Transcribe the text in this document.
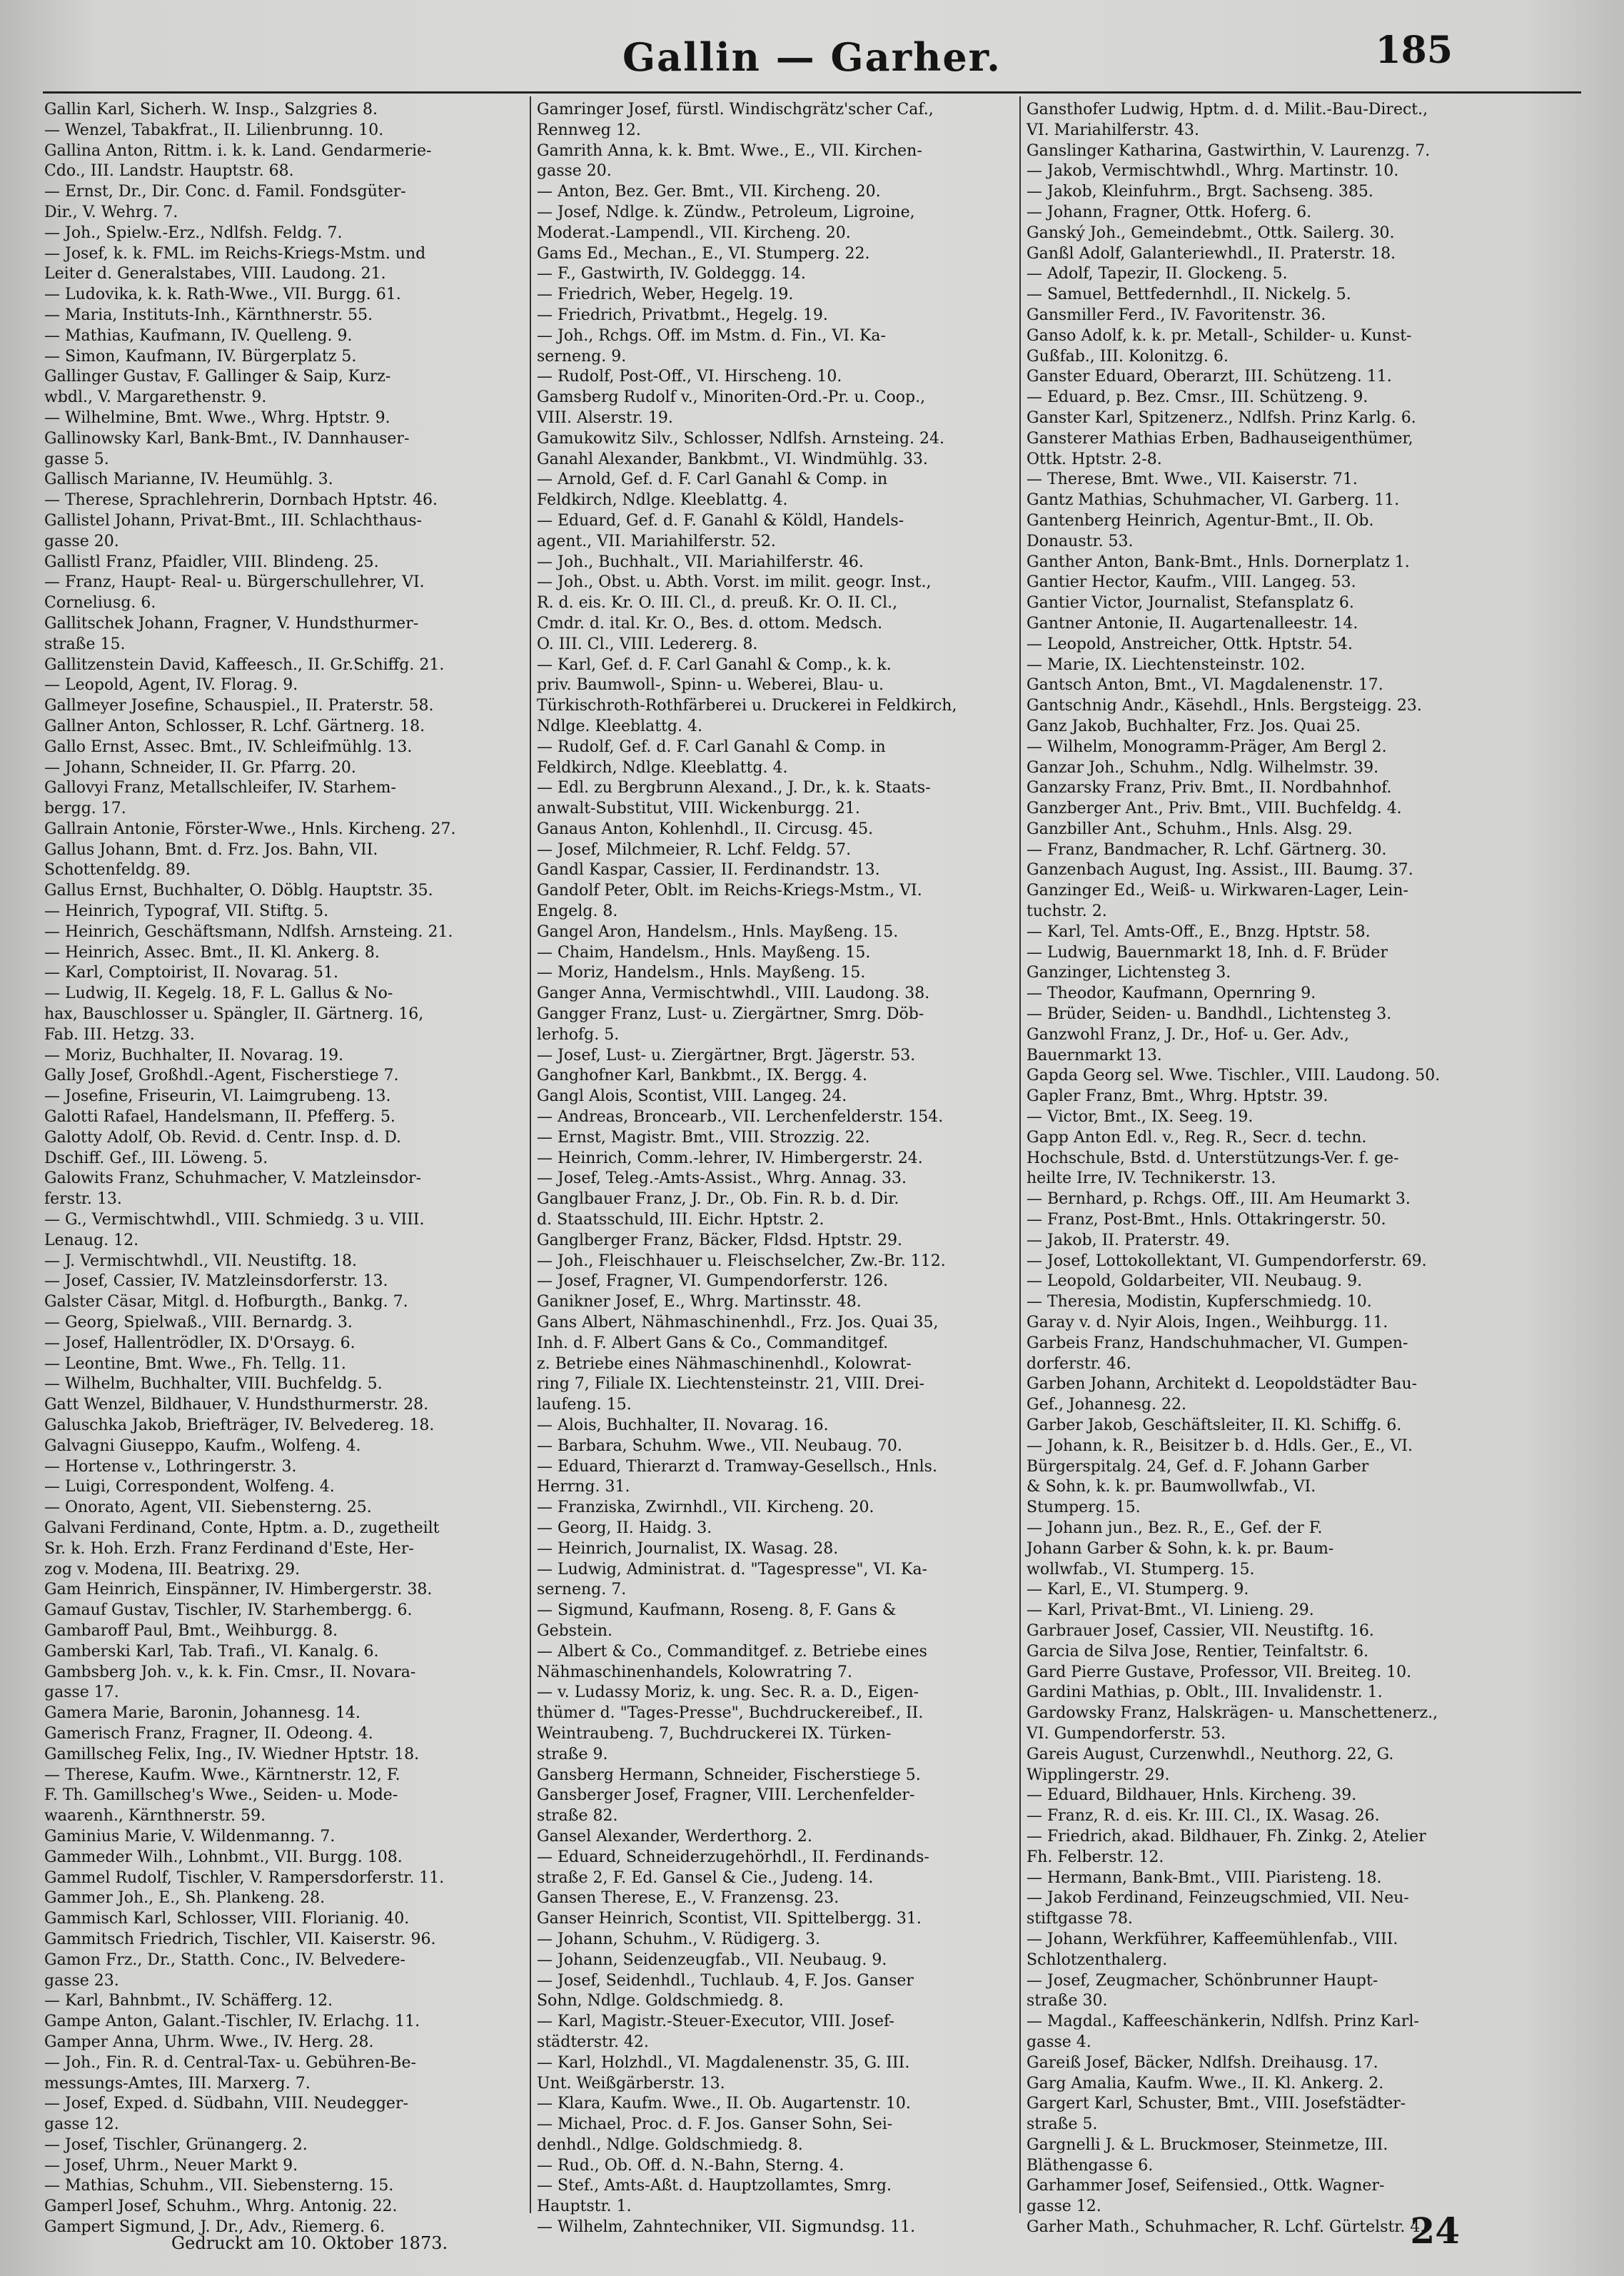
Gallin — Garher.	185
Gallin Karl, Sicherh. W. Insp., Salzgries 8.
— Wenzel, Tabakfrat., II. Lilienbrunng. 10.
Gallina Anton, Rittm. i. k. k. Land. Gendarmerie-
Cdo., III. Landstr. Hauptstr. 68.
— Ernst, Dr., Dir. Conc. d. Famil. Fondsgüter-
Dir., V. Wehrg. 7.
— Joh., Spielw.-Erz., Ndlfsh. Feldg. 7.
— Josef, k. k. FML. im Reichs-Kriegs-Mstm. und
Leiter d. Generalstabes, VIII. Laudong. 21.
— Ludovika, k. k. Rath-Wwe., VII. Burgg. 61.
— Maria, Instituts-Inh., Kärnthnerstr. 55.
— Mathias, Kaufmann, IV. Quelleng. 9.
— Simon, Kaufmann, IV. Bürgerplatz 5.
Gallinger Gustav, F. Gallinger & Saip, Kurz-
wbdl., V. Margarethenstr. 9.
— Wilhelmine, Bmt. Wwe., Whrg. Hptstr. 9.
Gallinowsky Karl, Bank-Bmt., IV. Dannhauser-
gasse 5.
Gallisch Marianne, IV. Heumühlg. 3.
— Therese, Sprachlehrerin, Dornbach Hptstr. 46.
Gallistel Johann, Privat-Bmt., III. Schlachthaus-
gasse 20.
Gallistl Franz, Pfaidler, VIII. Blindeng. 25.
— Franz, Haupt- Real- u. Bürgerschullehrer, VI.
Corneliusg. 6.
Gallitschek Johann, Fragner, V. Hundsthurmer-
straße 15.
Gallitzenstein David, Kaffeesch., II. Gr.Schiffg. 21.
— Leopold, Agent, IV. Florag. 9.
Gallmeyer Josefine, Schauspiel., II. Praterstr. 58.
Gallner Anton, Schlosser, R. Lchf. Gärtnerg. 18.
Gallo Ernst, Assec. Bmt., IV. Schleifmühlg. 13.
— Johann, Schneider, II. Gr. Pfarrg. 20.
Gallovyi Franz, Metallschleifer, IV. Starhem-
bergg. 17.
Gallrain Antonie, Förster-Wwe., Hnls. Kircheng. 27.
Gallus Johann, Bmt. d. Frz. Jos. Bahn, VII.
Schottenfeldg. 89.
Gallus Ernst, Buchhalter, O. Döblg. Hauptstr. 35.
— Heinrich, Typograf, VII. Stiftg. 5.
— Heinrich, Geschäftsmann, Ndlfsh. Arnsteing. 21.
— Heinrich, Assec. Bmt., II. Kl. Ankerg. 8.
— Karl, Comptoirist, II. Novarag. 51.
— Ludwig, II. Kegelg. 18, F. L. Gallus & No-
hax, Bauschlosser u. Spängler, II. Gärtnerg. 16,
Fab. III. Hetzg. 33.
— Moriz, Buchhalter, II. Novarag. 19.
Gally Josef, Großhdl.-Agent, Fischerstiege 7.
— Josefine, Friseurin, VI. Laimgrubeng. 13.
Galotti Rafael, Handelsmann, II. Pfefferg. 5.
Galotty Adolf, Ob. Revid. d. Centr. Insp. d. D.
Dschiff. Gef., III. Löweng. 5.
Galowits Franz, Schuhmacher, V. Matzleinsdor-
ferstr. 13.
— G., Vermischtwhdl., VIII. Schmiedg. 3 u. VIII.
Lenaug. 12.
— J. Vermischtwhdl., VII. Neustiftg. 18.
— Josef, Cassier, IV. Matzleinsdorferstr. 13.
Galster Cäsar, Mitgl. d. Hofburgth., Bankg. 7.
— Georg, Spielwaß., VIII. Bernardg. 3.
— Josef, Hallentrödler, IX. D'Orsayg. 6.
— Leontine, Bmt. Wwe., Fh. Tellg. 11.
— Wilhelm, Buchhalter, VIII. Buchfeldg. 5.
Gatt Wenzel, Bildhauer, V. Hundsthurmerstr. 28.
Galuschka Jakob, Briefträger, IV. Belvedereg. 18.
Galvagni Giuseppo, Kaufm., Wolfeng. 4.
— Hortense v., Lothringerstr. 3.
— Luigi, Correspondent, Wolfeng. 4.
— Onorato, Agent, VII. Siebensterng. 25.
Galvani Ferdinand, Conte, Hptm. a. D., zugetheilt
Sr. k. Hoh. Erzh. Franz Ferdinand d'Este, Her-
zog v. Modena, III. Beatrixg. 29.
Gam Heinrich, Einspänner, IV. Himbergerstr. 38.
Gamauf Gustav, Tischler, IV. Starhembergg. 6.
Gambaroff Paul, Bmt., Weihburgg. 8.
Gamberski Karl, Tab. Trafi., VI. Kanalg. 6.
Gambsberg Joh. v., k. k. Fin. Cmsr., II. Novara-
gasse 17.
Gamera Marie, Baronin, Johannesg. 14.
Gamerisch Franz, Fragner, II. Odeong. 4.
Gamillscheg Felix, Ing., IV. Wiedner Hptstr. 18.
— Therese, Kaufm. Wwe., Kärntnerstr. 12, F.
F. Th. Gamillscheg's Wwe., Seiden- u. Mode-
waarenh., Kärnthnerstr. 59.
Gaminius Marie, V. Wildenmanng. 7.
Gammeder Wilh., Lohnbmt., VII. Burgg. 108.
Gammel Rudolf, Tischler, V. Rampersdorferstr. 11.
Gammer Joh., E., Sh. Plankeng. 28.
Gammisch Karl, Schlosser, VIII. Florianig. 40.
Gammitsch Friedrich, Tischler, VII. Kaiserstr. 96.
Gamon Frz., Dr., Statth. Conc., IV. Belvedere-
gasse 23.
— Karl, Bahnbmt., IV. Schäfferg. 12.
Gampe Anton, Galant.-Tischler, IV. Erlachg. 11.
Gamper Anna, Uhrm. Wwe., IV. Herg. 28.
— Joh., Fin. R. d. Central-Tax- u. Gebühren-Be-
messungs-Amtes, III. Marxerg. 7.
— Josef, Exped. d. Südbahn, VIII. Neudegger-
gasse 12.
— Josef, Tischler, Grünangerg. 2.
— Josef, Uhrm., Neuer Markt 9.
— Mathias, Schuhm., VII. Siebensterng. 15.
Gamperl Josef, Schuhm., Whrg. Antonig. 22.
Gampert Sigmund, J. Dr., Adv., Riemerg. 6.
Gamringer Josef, fürstl. Windischgrätz'scher Caf.,
Rennweg 12.
Gamrith Anna, k. k. Bmt. Wwe., E., VII. Kirchen-
gasse 20.
— Anton, Bez. Ger. Bmt., VII. Kircheng. 20.
— Josef, Ndlge. k. Zündw., Petroleum, Ligroine,
Moderat.-Lampendl., VII. Kircheng. 20.
Gams Ed., Mechan., E., VI. Stumperg. 22.
— F., Gastwirth, IV. Goldeggg. 14.
— Friedrich, Weber, Hegelg. 19.
— Friedrich, Privatbmt., Hegelg. 19.
— Joh., Rchgs. Off. im Mstm. d. Fin., VI. Ka-
serneng. 9.
— Rudolf, Post-Off., VI. Hirscheng. 10.
Gamsberg Rudolf v., Minoriten-Ord.-Pr. u. Coop.,
VIII. Alserstr. 19.
Gamukowitz Silv., Schlosser, Ndlfsh. Arnsteing. 24.
Ganahl Alexander, Bankbmt., VI. Windmühlg. 33.
— Arnold, Gef. d. F. Carl Ganahl & Comp. in
Feldkirch, Ndlge. Kleeblattg. 4.
— Eduard, Gef. d. F. Ganahl & Köldl, Handels-
agent., VII. Mariahilferstr. 52.
— Joh., Buchhalt., VII. Mariahilferstr. 46.
— Joh., Obst. u. Abth. Vorst. im milit. geogr. Inst.,
R. d. eis. Kr. O. III. Cl., d. preuß. Kr. O. II. Cl.,
Cmdr. d. ital. Kr. O., Bes. d. ottom. Medsch.
O. III. Cl., VIII. Ledererg. 8.
— Karl, Gef. d. F. Carl Ganahl & Comp., k. k.
priv. Baumwoll-, Spinn- u. Weberei, Blau- u.
Türkischroth-Rothfärberei u. Druckerei in Feldkirch,
Ndlge. Kleeblattg. 4.
— Rudolf, Gef. d. F. Carl Ganahl & Comp. in
Feldkirch, Ndlge. Kleeblattg. 4.
— Edl. zu Bergbrunn Alexand., J. Dr., k. k. Staats-
anwalt-Substitut, VIII. Wickenburgg. 21.
Ganaus Anton, Kohlenhdl., II. Circusg. 45.
— Josef, Milchmeier, R. Lchf. Feldg. 57.
Gandl Kaspar, Cassier, II. Ferdinandstr. 13.
Gandolf Peter, Oblt. im Reichs-Kriegs-Mstm., VI.
Engelg. 8.
Gangel Aron, Handelsm., Hnls. Mayßeng. 15.
— Chaim, Handelsm., Hnls. Mayßeng. 15.
— Moriz, Handelsm., Hnls. Mayßeng. 15.
Ganger Anna, Vermischtwhdl., VIII. Laudong. 38.
Gangger Franz, Lust- u. Ziergärtner, Smrg. Döb-
lerhofg. 5.
— Josef, Lust- u. Ziergärtner, Brgt. Jägerstr. 53.
Ganghofner Karl, Bankbmt., IX. Bergg. 4.
Gangl Alois, Scontist, VIII. Langeg. 24.
— Andreas, Broncearb., VII. Lerchenfelderstr. 154.
— Ernst, Magistr. Bmt., VIII. Strozzig. 22.
— Heinrich, Comm.-lehrer, IV. Himbergerstr. 24.
— Josef, Teleg.-Amts-Assist., Whrg. Annag. 33.
Ganglbauer Franz, J. Dr., Ob. Fin. R. b. d. Dir.
d. Staatsschuld, III. Eichr. Hptstr. 2.
Ganglberger Franz, Bäcker, Fldsd. Hptstr. 29.
— Joh., Fleischhauer u. Fleischselcher, Zw.-Br. 112.
— Josef, Fragner, VI. Gumpendorferstr. 126.
Ganikner Josef, E., Whrg. Martinsstr. 48.
Gans Albert, Nähmaschinenhdl., Frz. Jos. Quai 35,
Inh. d. F. Albert Gans & Co., Commanditgef.
z. Betriebe eines Nähmaschinenhdl., Kolowrat-
ring 7, Filiale IX. Liechtensteinstr. 21, VIII. Drei-
laufeng. 15.
— Alois, Buchhalter, II. Novarag. 16.
— Barbara, Schuhm. Wwe., VII. Neubaug. 70.
— Eduard, Thierarzt d. Tramway-Gesellsch., Hnls.
Herrng. 31.
— Franziska, Zwirnhdl., VII. Kircheng. 20.
— Georg, II. Haidg. 3.
— Heinrich, Journalist, IX. Wasag. 28.
— Ludwig, Administrat. d. "Tagespresse", VI. Ka-
serneng. 7.
— Sigmund, Kaufmann, Roseng. 8, F. Gans &
Gebstein.
— Albert & Co., Commanditgef. z. Betriebe eines
Nähmaschinenhandels, Kolowratring 7.
— v. Ludassy Moriz, k. ung. Sec. R. a. D., Eigen-
thümer d. "Tages-Presse", Buchdruckereibef., II.
Weintraubeng. 7, Buchdruckerei IX. Türken-
straße 9.
Gansberg Hermann, Schneider, Fischerstiege 5.
Gansberger Josef, Fragner, VIII. Lerchenfelder-
straße 82.
Gansel Alexander, Werderthorg. 2.
— Eduard, Schneiderzugehörhdl., II. Ferdinands-
straße 2, F. Ed. Gansel & Cie., Judeng. 14.
Gansen Therese, E., V. Franzensg. 23.
Ganser Heinrich, Scontist, VII. Spittelbergg. 31.
— Johann, Schuhm., V. Rüdigerg. 3.
— Johann, Seidenzeugfab., VII. Neubaug. 9.
— Josef, Seidenhdl., Tuchlaub. 4, F. Jos. Ganser
Sohn, Ndlge. Goldschmiedg. 8.
— Karl, Magistr.-Steuer-Executor, VIII. Josef-
städterstr. 42.
— Karl, Holzhdl., VI. Magdalenenstr. 35, G. III.
Unt. Weißgärberstr. 13.
— Klara, Kaufm. Wwe., II. Ob. Augartenstr. 10.
— Michael, Proc. d. F. Jos. Ganser Sohn, Sei-
denhdl., Ndlge. Goldschmiedg. 8.
— Rud., Ob. Off. d. N.-Bahn, Sterng. 4.
— Stef., Amts-Aßt. d. Hauptzollamtes, Smrg.
Hauptstr. 1.
— Wilhelm, Zahntechniker, VII. Sigmundsg. 11.
Gansthofer Ludwig, Hptm. d. d. Milit.-Bau-Direct.,
VI. Mariahilferstr. 43.
Ganslinger Katharina, Gastwirthin, V. Laurenzg. 7.
— Jakob, Vermischtwhdl., Whrg. Martinstr. 10.
— Jakob, Kleinfuhrm., Brgt. Sachseng. 385.
— Johann, Fragner, Ottk. Hoferg. 6.
Ganský Joh., Gemeindebmt., Ottk. Sailerg. 30.
Ganßl Adolf, Galanteriewhdl., II. Praterstr. 18.
— Adolf, Tapezir, II. Glockeng. 5.
— Samuel, Bettfedernhdl., II. Nickelg. 5.
Gansmiller Ferd., IV. Favoritenstr. 36.
Ganso Adolf, k. k. pr. Metall-, Schilder- u. Kunst-
Gußfab., III. Kolonitzg. 6.
Ganster Eduard, Oberarzt, III. Schützeng. 11.
— Eduard, p. Bez. Cmsr., III. Schützeng. 9.
Ganster Karl, Spitzenerz., Ndlfsh. Prinz Karlg. 6.
Gansterer Mathias Erben, Badhauseigenthümer,
Ottk. Hptstr. 2-8.
— Therese, Bmt. Wwe., VII. Kaiserstr. 71.
Gantz Mathias, Schuhmacher, VI. Garberg. 11.
Gantenberg Heinrich, Agentur-Bmt., II. Ob.
Donaustr. 53.
Ganther Anton, Bank-Bmt., Hnls. Dornerplatz 1.
Gantier Hector, Kaufm., VIII. Langeg. 53.
Gantier Victor, Journalist, Stefansplatz 6.
Gantner Antonie, II. Augartenalleestr. 14.
— Leopold, Anstreicher, Ottk. Hptstr. 54.
— Marie, IX. Liechtensteinstr. 102.
Gantsch Anton, Bmt., VI. Magdalenenstr. 17.
Gantschnig Andr., Käsehdl., Hnls. Bergsteigg. 23.
Ganz Jakob, Buchhalter, Frz. Jos. Quai 25.
— Wilhelm, Monogramm-Präger, Am Bergl 2.
Ganzar Joh., Schuhm., Ndlg. Wilhelmstr. 39.
Ganzarsky Franz, Priv. Bmt., II. Nordbahnhof.
Ganzberger Ant., Priv. Bmt., VIII. Buchfeldg. 4.
Ganzbiller Ant., Schuhm., Hnls. Alsg. 29.
— Franz, Bandmacher, R. Lchf. Gärtnerg. 30.
Ganzenbach August, Ing. Assist., III. Baumg. 37.
Ganzinger Ed., Weiß- u. Wirkwaren-Lager, Lein-
tuchstr. 2.
— Karl, Tel. Amts-Off., E., Bnzg. Hptstr. 58.
— Ludwig, Bauernmarkt 18, Inh. d. F. Brüder
Ganzinger, Lichtensteg 3.
— Theodor, Kaufmann, Opernring 9.
— Brüder, Seiden- u. Bandhdl., Lichtensteg 3.
Ganzwohl Franz, J. Dr., Hof- u. Ger. Adv.,
Bauernmarkt 13.
Gapda Georg sel. Wwe. Tischler., VIII. Laudong. 50.
Gapler Franz, Bmt., Whrg. Hptstr. 39.
— Victor, Bmt., IX. Seeg. 19.
Gapp Anton Edl. v., Reg. R., Secr. d. techn.
Hochschule, Bstd. d. Unterstützungs-Ver. f. ge-
heilte Irre, IV. Technikerstr. 13.
— Bernhard, p. Rchgs. Off., III. Am Heumarkt 3.
— Franz, Post-Bmt., Hnls. Ottakringerstr. 50.
— Jakob, II. Praterstr. 49.
— Josef, Lottokollektant, VI. Gumpendorferstr. 69.
— Leopold, Goldarbeiter, VII. Neubaug. 9.
— Theresia, Modistin, Kupferschmiedg. 10.
Garay v. d. Nyir Alois, Ingen., Weihburgg. 11.
Garbeis Franz, Handschuhmacher, VI. Gumpen-
dorferstr. 46.
Garben Johann, Architekt d. Leopoldstädter Bau-
Gef., Johannesg. 22.
Garber Jakob, Geschäftsleiter, II. Kl. Schiffg. 6.
— Johann, k. R., Beisitzer b. d. Hdls. Ger., E., VI.
Bürgerspitalg. 24, Gef. d. F. Johann Garber
& Sohn, k. k. pr. Baumwollwfab., VI.
Stumperg. 15.
— Johann jun., Bez. R., E., Gef. der F.
Johann Garber & Sohn, k. k. pr. Baum-
wollwfab., VI. Stumperg. 15.
— Karl, E., VI. Stumperg. 9.
— Karl, Privat-Bmt., VI. Linieng. 29.
Garbrauer Josef, Cassier, VII. Neustiftg. 16.
Garcia de Silva Jose, Rentier, Teinfaltstr. 6.
Gard Pierre Gustave, Professor, VII. Breiteg. 10.
Gardini Mathias, p. Oblt., III. Invalidenstr. 1.
Gardowsky Franz, Halskrägen- u. Manschettenerz.,
VI. Gumpendorferstr. 53.
Gareis August, Curzenwhdl., Neuthorg. 22, G.
Wipplingerstr. 29.
— Eduard, Bildhauer, Hnls. Kircheng. 39.
— Franz, R. d. eis. Kr. III. Cl., IX. Wasag. 26.
— Friedrich, akad. Bildhauer, Fh. Zinkg. 2, Atelier
Fh. Felberstr. 12.
— Hermann, Bank-Bmt., VIII. Piaristeng. 18.
— Jakob Ferdinand, Feinzeugschmied, VII. Neu-
stiftgasse 78.
— Johann, Werkführer, Kaffeemühlenfab., VIII.
Schlotzenthalerg.
— Josef, Zeugmacher, Schönbrunner Haupt-
straße 30.
— Magdal., Kaffeeschänkerin, Ndlfsh. Prinz Karl-
gasse 4.
Gareiß Josef, Bäcker, Ndlfsh. Dreihausg. 17.
Garg Amalia, Kaufm. Wwe., II. Kl. Ankerg. 2.
Gargert Karl, Schuster, Bmt., VIII. Josefstädter-
straße 5.
Gargnelli J. & L. Bruckmoser, Steinmetze, III.
Bläthengasse 6.
Garhammer Josef, Seifensied., Ottk. Wagner-
gasse 12.
Garher Math., Schuhmacher, R. Lchf. Gürtelstr. 4.
Gedruckt am 10. Oktober 1873.	24
